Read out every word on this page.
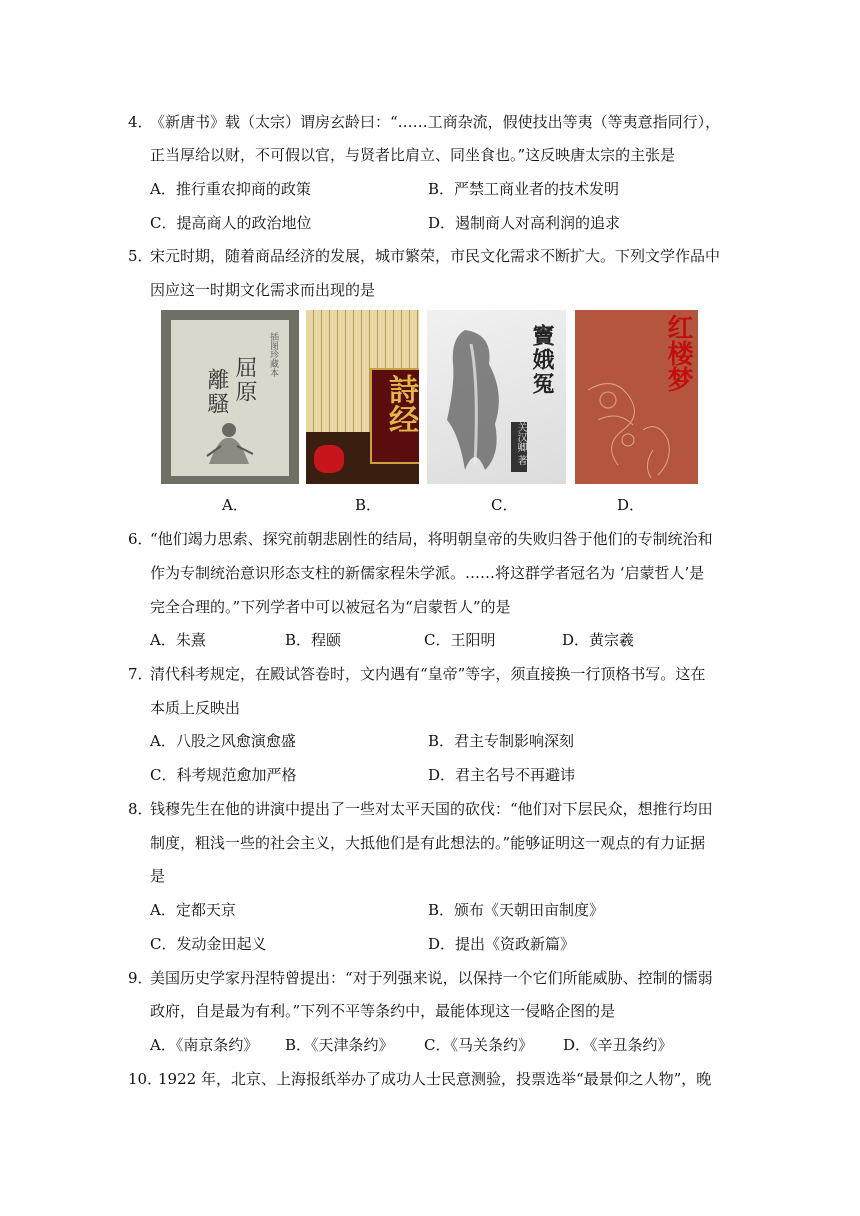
4．
《新唐书》载（太宗）谓房玄龄曰：“……工商杂流，假使技出等夷（等夷意指同行），
正当厚给以财，不可假以官，与贤者比肩立、同坐食也。”这反映唐太宗的主张是
A．推行重农抑商的政策	B．严禁工商业者的技术发明
C．提高商人的政治地位	D．遏制商人对高利润的追求
5．
宋元时期，随着商品经济的发展，城市繁荣，市民文化需求不断扩大。下列文学作品中
因应这一时期文化需求而出现的是
屈原
離騷
插图珍藏本
詩经
竇娥冤
关汉卿 著
红楼梦
A．	B．	C．	D．
6．
“他们竭力思索、探究前朝悲剧性的结局，将明朝皇帝的失败归咎于他们的专制统治和
作为专制统治意识形态支柱的新儒家程朱学派。……将这群学者冠名为 ‘启蒙哲人’是
完全合理的。”下列学者中可以被冠名为“启蒙哲人”的是
A．朱熹	B．程颐	C．王阳明	D．黄宗羲
7．
清代科考规定，在殿试答卷时，文内遇有“皇帝”等字，须直接换一行顶格书写。这在
本质上反映出
A．八股之风愈演愈盛	B．君主专制影响深刻
C．科考规范愈加严格	D．君主名号不再避讳
8．
钱穆先生在他的讲演中提出了一些对太平天国的砍伐：“他们对下层民众，想推行均田
制度，粗浅一些的社会主义，大抵他们是有此想法的。”能够证明这一观点的有力证据
是
A．定都天京	B．颁布《天朝田亩制度》
C．发动金田起义	D．提出《资政新篇》
9．
美国历史学家丹涅特曾提出：“对于列强来说，以保持一个它们所能威胁、控制的懦弱
政府，自是最为有利。”下列不平等条约中，最能体现这一侵略企图的是
A．《南京条约》 B．《天津条约》 C．《马关条约》 D．《辛丑条约》
10．
1922 年，北京、上海报纸举办了成功人士民意测验，投票选举“最景仰之人物”，晚
